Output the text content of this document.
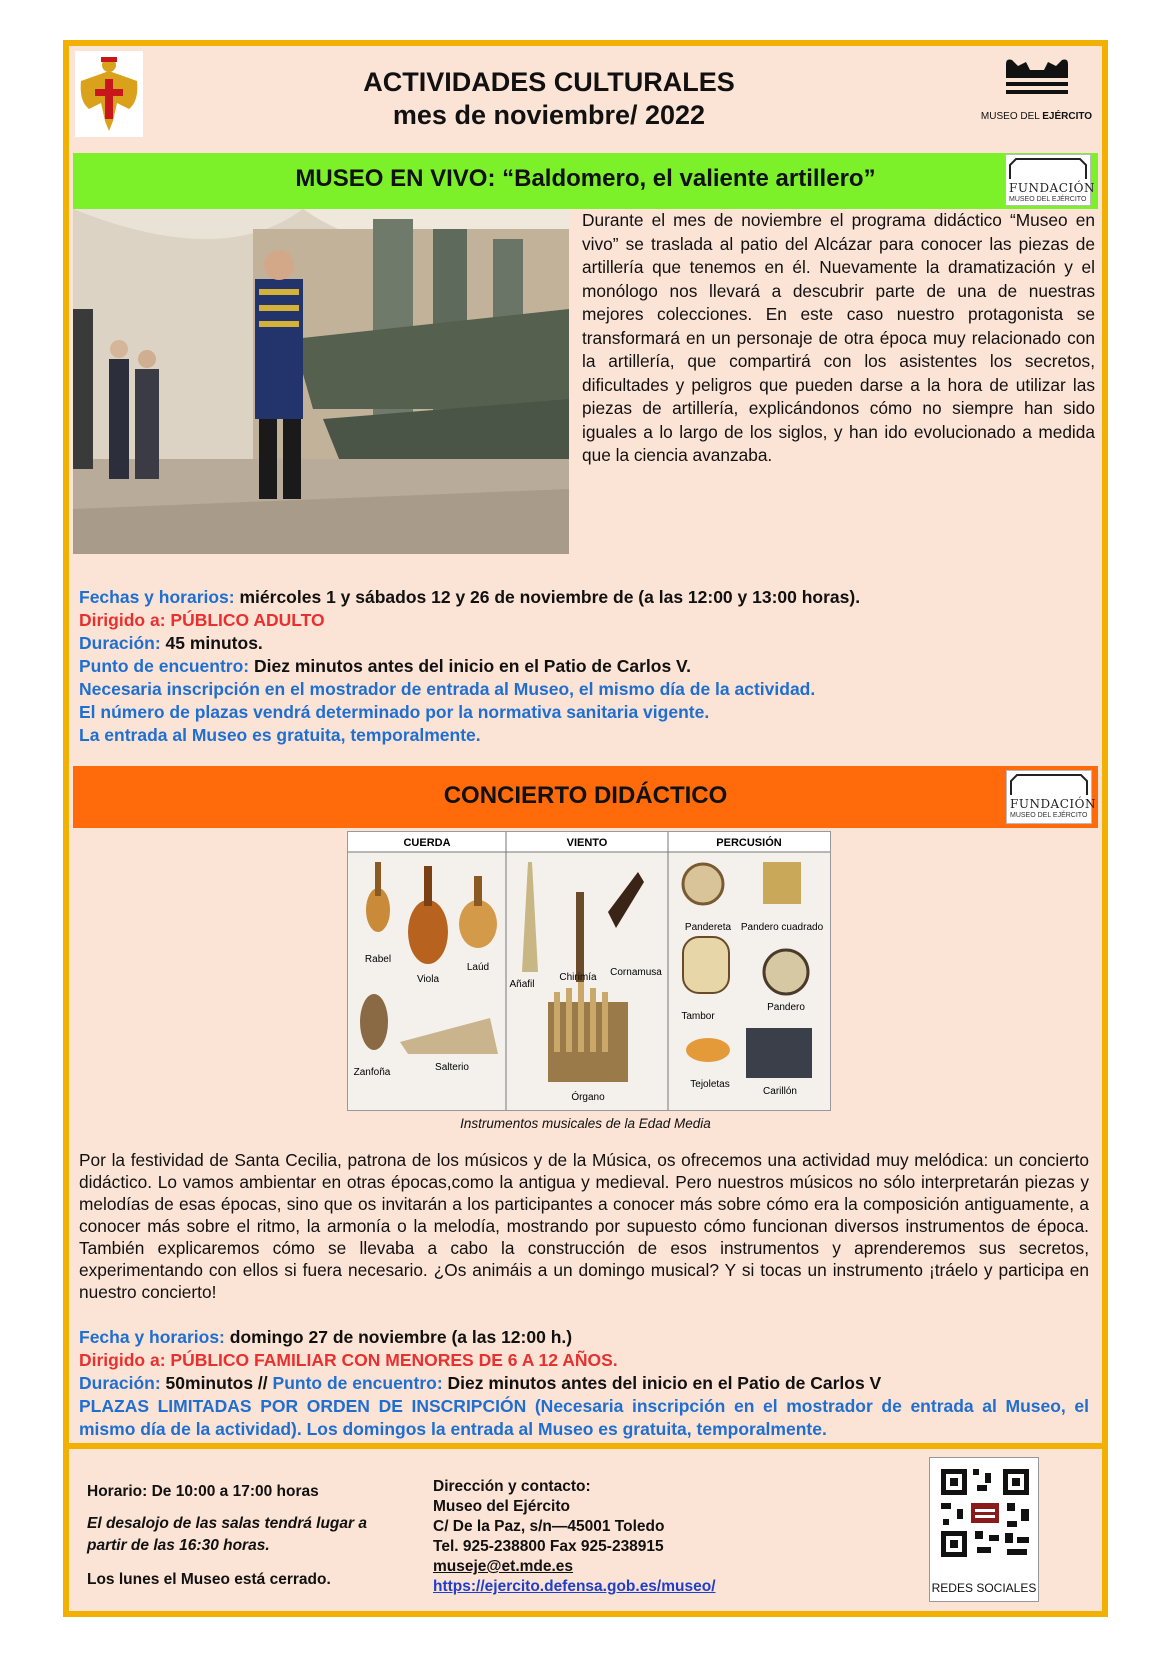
ACTIVIDADES CULTURALES
mes de noviembre/ 2022	MUSEO DEL EJÉRCITO
MUSEO EN VIVO: “Baldomero, el valiente artillero”	FUNDACIÓN
MUSEO DEL EJÉRCITO
Durante el mes de noviembre el programa didáctico “Museo en vivo” se traslada al patio del Alcázar para conocer las piezas de artillería que tenemos en él. Nuevamente la dramatización y el monólogo nos llevará a descubrir parte de una de nuestras mejores colecciones. En este caso nuestro protagonista se transformará en un personaje de otra época muy relacionado con la artillería, que compartirá con los asistentes los secretos, dificultades y peligros que pueden darse a la hora de utilizar las piezas de artillería, explicándonos cómo no siempre han sido iguales a lo largo de los siglos, y han ido evolucionado a medida que la ciencia avanzaba.
Fechas y horarios: miércoles 1 y sábados 12 y 26 de noviembre de (a las 12:00 y 13:00 horas).
Dirigido a: PÚBLICO ADULTO
Duración: 45 minutos.
Punto de encuentro: Diez minutos antes del inicio en el Patio de Carlos V.
Necesaria inscripción en el mostrador de entrada al Museo, el mismo día de la actividad.
El número de plazas vendrá determinado por la normativa sanitaria vigente.
La entrada al Museo es gratuita, temporalmente.
CONCIERTO DIDÁCTICO	FUNDACIÓN
MUSEO DEL EJÉRCITO
CUERDA	VIENTO	PERCUSIÓN
Rabel
Viola
Laúd
Zanfoña	Salterio
Añafil
Chirimía Cornamusa
Órgano
Pandereta Pandero cuadrado
Tambor
Pandero
Tejoletas
Carillón
Instrumentos musicales de la Edad Media
Por la festividad de Santa Cecilia, patrona de los músicos y de la Música, os ofrecemos una actividad muy melódica: un concierto didáctico. Lo vamos ambientar en otras épocas,como la antigua y medieval. Pero nuestros músicos no sólo interpretarán piezas y melodías de esas épocas, sino que os invitarán a los participantes a conocer más sobre cómo era la composición antiguamente, a conocer más sobre el ritmo, la armonía o la melodía, mostrando por supuesto cómo funcionan diversos instrumentos de época. También explicaremos cómo se llevaba a cabo la construcción de esos instrumentos y aprenderemos sus secretos, experimentando con ellos si fuera necesario. ¿Os animáis a un domingo musical? Y si tocas un instrumento ¡tráelo y participa en nuestro concierto!
Fecha y horarios: domingo 27 de noviembre (a las 12:00 h.)
Dirigido a: PÚBLICO FAMILIAR CON MENORES DE 6 A 12 AÑOS.
Duración: 50minutos // Punto de encuentro: Diez minutos antes del inicio en el Patio de Carlos V
PLAZAS LIMITADAS POR ORDEN DE INSCRIPCIÓN (Necesaria inscripción en el mostrador de entrada al Museo, el mismo día de la actividad). Los domingos la entrada al Museo es gratuita, temporalmente.
Horario: De 10:00 a 17:00 horas
El desalojo de las salas tendrá lugar a partir de las 16:30 horas.
Los lunes el Museo está cerrado.
Dirección y contacto:
Museo del Ejército
C/ De la Paz, s/n—45001 Toledo
Tel. 925-238800 Fax 925-238915
museje@et.mde.es
https://ejercito.defensa.gob.es/museo/	REDES SOCIALES
